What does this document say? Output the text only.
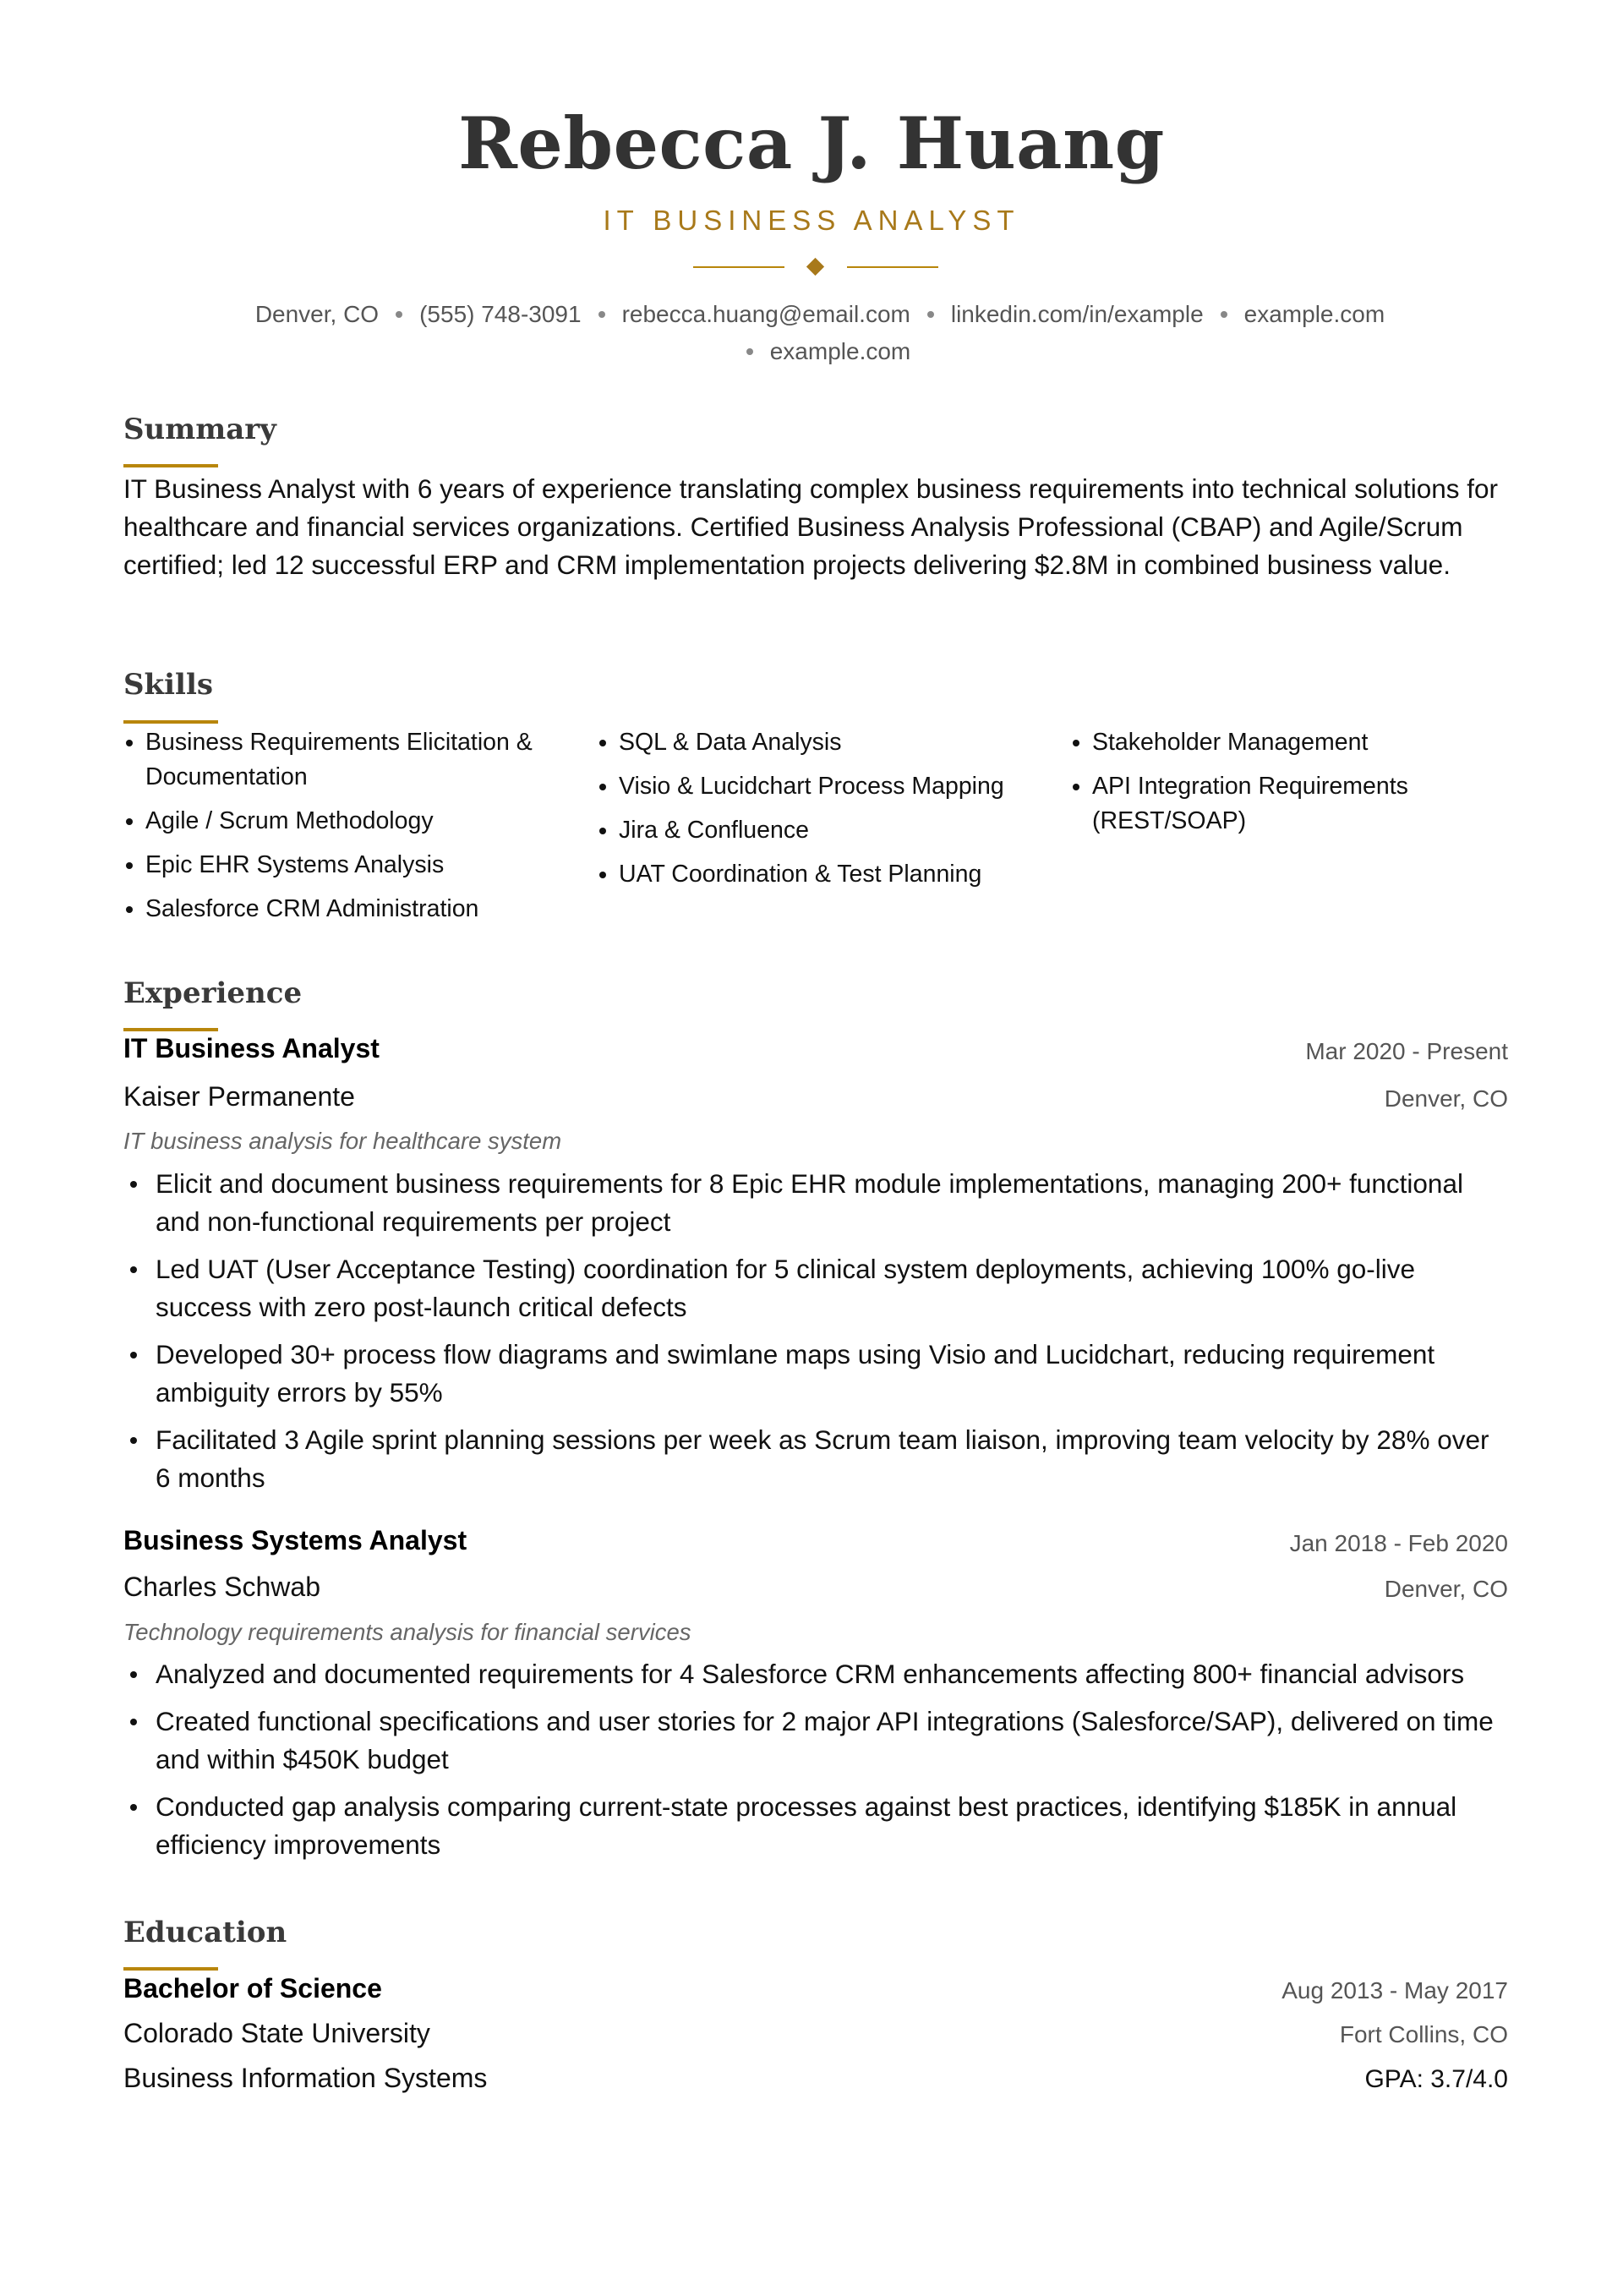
Rebecca J. Huang
IT BUSINESS ANALYST
Denver, CO (555) 748-3091 rebecca.huang@email.com linkedin.com/in/example example.com
example.com
Summary
IT Business Analyst with 6 years of experience translating complex business requirements into technical solutions for healthcare and financial services organizations. Certified Business Analysis Professional (CBAP) and Agile/Scrum certified; led 12 successful ERP and CRM implementation projects delivering $2.8M in combined business value.
Skills
Business Requirements Elicitation & Documentation
Agile / Scrum Methodology
Epic EHR Systems Analysis
Salesforce CRM Administration
SQL & Data Analysis
Visio & Lucidchart Process Mapping
Jira & Confluence
UAT Coordination & Test Planning
Stakeholder Management
API Integration Requirements (REST/SOAP)
Experience
IT Business Analyst	Mar 2020 - Present
Kaiser Permanente	Denver, CO
IT business analysis for healthcare system
Elicit and document business requirements for 8 Epic EHR module implementations, managing 200+ functional and non-functional requirements per project
Led UAT (User Acceptance Testing) coordination for 5 clinical system deployments, achieving 100% go-live success with zero post-launch critical defects
Developed 30+ process flow diagrams and swimlane maps using Visio and Lucidchart, reducing requirement ambiguity errors by 55%
Facilitated 3 Agile sprint planning sessions per week as Scrum team liaison, improving team velocity by 28% over 6 months
Business Systems Analyst	Jan 2018 - Feb 2020
Charles Schwab	Denver, CO
Technology requirements analysis for financial services
Analyzed and documented requirements for 4 Salesforce CRM enhancements affecting 800+ financial advisors
Created functional specifications and user stories for 2 major API integrations (Salesforce/SAP), delivered on time and within $450K budget
Conducted gap analysis comparing current-state processes against best practices, identifying $185K in annual efficiency improvements
Education
Bachelor of Science	Aug 2013 - May 2017
Colorado State University	Fort Collins, CO
Business Information Systems	GPA: 3.7/4.0
